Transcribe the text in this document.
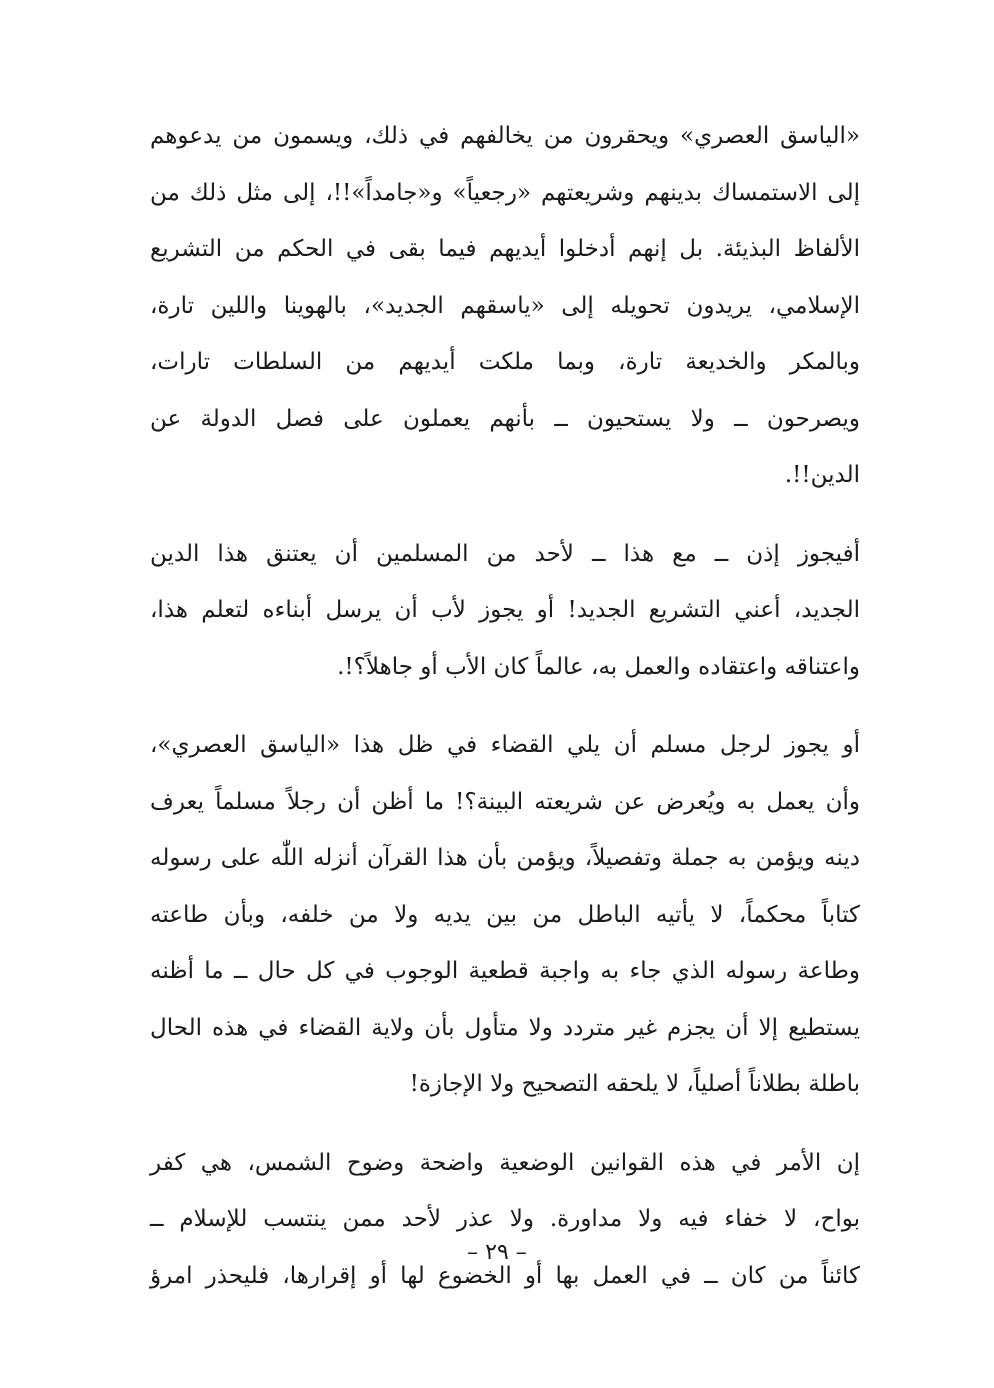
«الياسق العصري» ويحقرون من يخالفهم في ذلك، ويسمون من يدعوهم
إلى الاستمساك بدينهم وشريعتهم «رجعياً» و«جامداً»!!، إلى مثل ذلك من
الألفاظ البذيئة. بل إنهم أدخلوا أيديهم فيما بقى في الحكم من التشريع
الإسلامي، يريدون تحويله إلى «ياسقهم الجديد»، بالهوينا واللين تارة،
وبالمكر والخديعة تارة، وبما ملكت أيديهم من السلطات تارات،
ويصرحون ــ ولا يستحيون ــ بأنهم يعملون على فصل الدولة عن
الدين!!.
أفيجوز إذن ــ مع هذا ــ لأحد من المسلمين أن يعتنق هذا الدين
الجديد، أعني التشريع الجديد! أو يجوز لأب أن يرسل أبناءه لتعلم هذا،
واعتناقه واعتقاده والعمل به، عالماً كان الأب أو جاهلاً؟!.
أو يجوز لرجل مسلم أن يلي القضاء في ظل هذا «الياسق العصري»،
وأن يعمل به ويُعرض عن شريعته البينة؟! ما أظن أن رجلاً مسلماً يعرف
دينه ويؤمن به جملة وتفصيلاً، ويؤمن بأن هذا القرآن أنزله اللّٰه على رسوله
كتاباً محكماً، لا يأتيه الباطل من بين يديه ولا من خلفه، وبأن طاعته
وطاعة رسوله الذي جاء به واجبة قطعية الوجوب في كل حال ــ ما أظنه
يستطيع إلا أن يجزم غير متردد ولا متأول بأن ولاية القضاء في هذه الحال
باطلة بطلاناً أصلياً، لا يلحقه التصحيح ولا الإجازة!
إن الأمر في هذه القوانين الوضعية واضحة وضوح الشمس، هي كفر
بواح، لا خفاء فيه ولا مداورة. ولا عذر لأحد ممن ينتسب للإسلام ــ
كائناً من كان ــ في العمل بها أو الخضوع لها أو إقرارها، فليحذر امرؤ
– ٢٩ –
